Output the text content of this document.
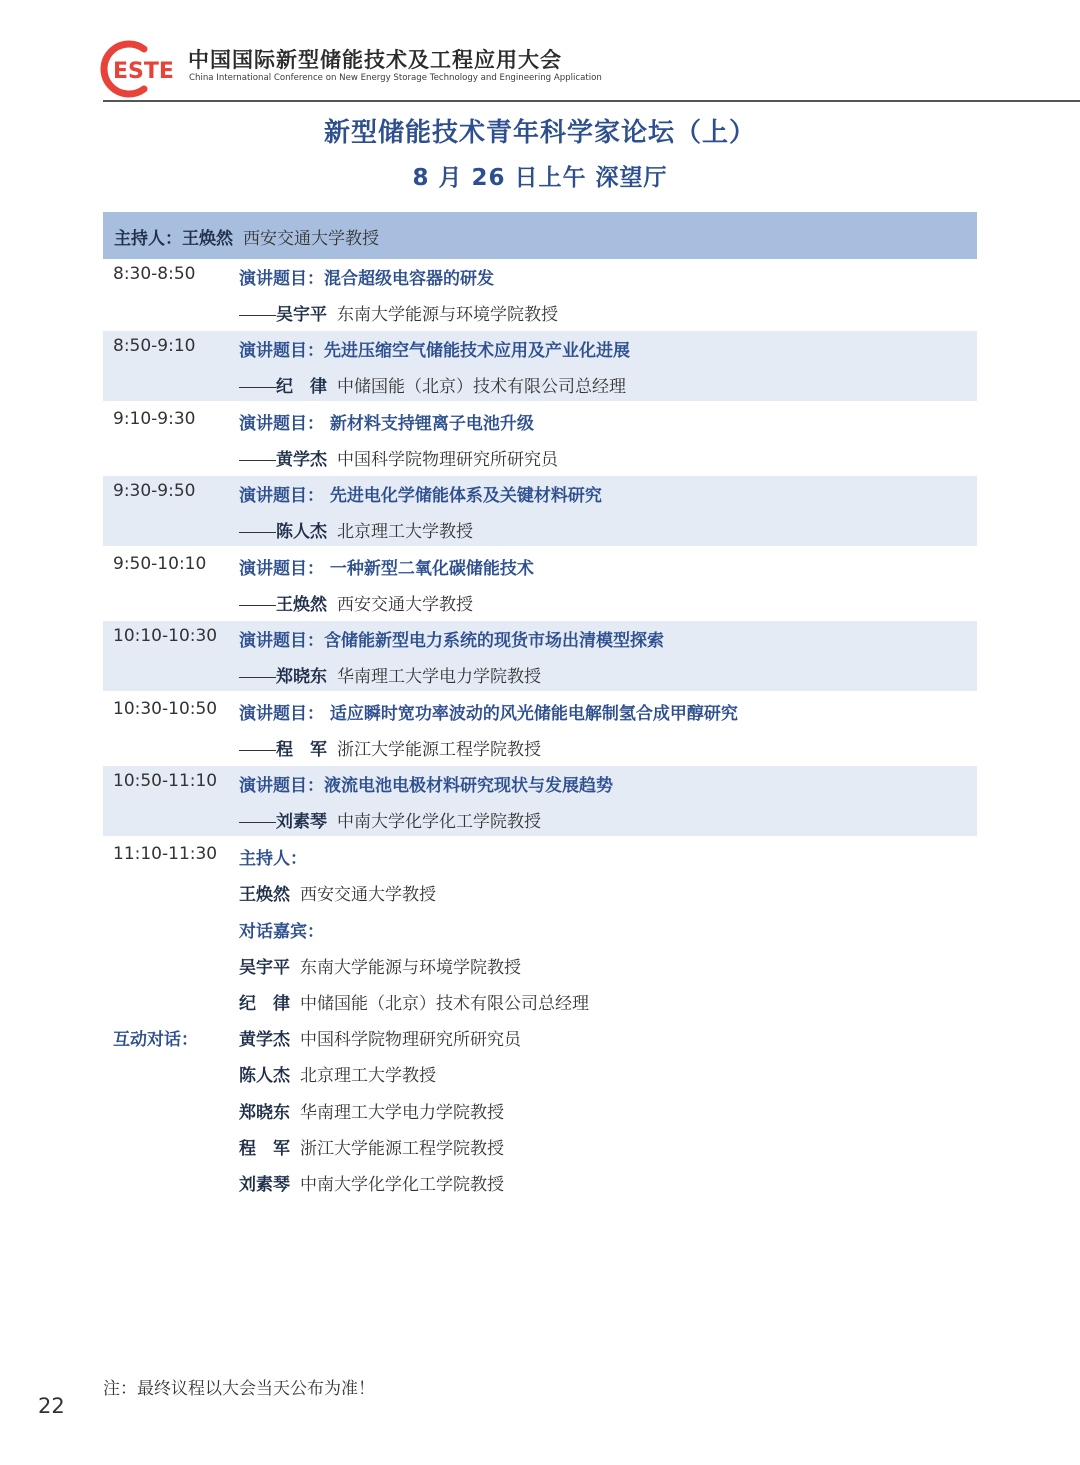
ESTE 中国国际新型储能技术及工程应用大会
China International Conference on New Energy Storage Technology and Engineering Application
新型储能技术青年科学家论坛（上）
8 月 26 日上午 深望厅
主持人：王焕然 西安交通大学教授
8:30-8:50	演讲题目：混合超级电容器的研发
吴宇平 东南大学能源与环境学院教授
8:50-9:10	演讲题目：先进压缩空气储能技术应用及产业化进展
纪　律 中储国能（北京）技术有限公司总经理
9:10-9:30	演讲题目： 新材料支持锂离子电池升级
黄学杰 中国科学院物理研究所研究员
9:30-9:50	演讲题目： 先进电化学储能体系及关键材料研究
陈人杰 北京理工大学教授
9:50-10:10 演讲题目： 一种新型二氧化碳储能技术
王焕然 西安交通大学教授
10:10-10:30 演讲题目：含储能新型电力系统的现货市场出清模型探索
郑晓东 华南理工大学电力学院教授
10:30-10:50 演讲题目： 适应瞬时宽功率波动的风光储能电解制氢合成甲醇研究
程　军 浙江大学能源工程学院教授
10:50-11:10 演讲题目：液流电池电极材料研究现状与发展趋势
刘素琴 中南大学化学化工学院教授
11:10-11:30 主持人：
王焕然 西安交通大学教授
对话嘉宾：
吴宇平 东南大学能源与环境学院教授
纪　律 中储国能（北京）技术有限公司总经理
互动对话： 黄学杰 中国科学院物理研究所研究员
陈人杰 北京理工大学教授
郑晓东 华南理工大学电力学院教授
程　军 浙江大学能源工程学院教授
刘素琴 中南大学化学化工学院教授
注：最终议程以大会当天公布为准！
22
